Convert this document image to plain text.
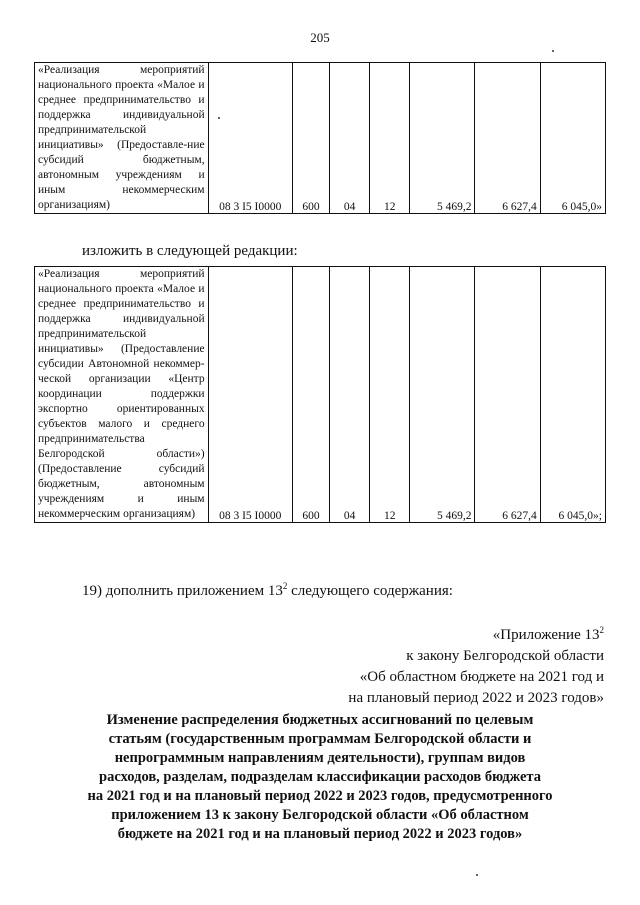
205
«Реализация мероприятий национального проекта «Малое и среднее предпринимательство и поддержка индивидуальной предпринимательской инициативы» (Предоставле-ние субсидий бюджетным, автономным учреждениям и иным некоммерческим организациям)	08 3 I5 I0000	600	04	12	5 469,2	6 627,4	6 045,0»
изложить в следующей редакции:
«Реализация мероприятий национального проекта «Малое и среднее предпринимательство и поддержка индивидуальной предпринимательской инициативы» (Предоставление субсидии Автономной некоммер-ческой организации «Центр координации поддержки экспортно ориентированных субъектов малого и среднего предпринимательства Белгородской области») (Предоставление субсидий бюджетным, автономным учреждениям и иным некоммерческим организациям)	08 3 I5 I0000	600	04	12	5 469,2	6 627,4	6 045,0»;
19) дополнить приложением $13^2$ следующего содержания:
«Приложение $13^2$
к закону Белгородской области
«Об областном бюджете на 2021 год и
на плановый период 2022 и 2023 годов»
Изменение распределения бюджетных ассигнований по целевым
статьям (государственным программам Белгородской области и
непрограммным направлениям деятельности), группам видов
расходов, разделам, подразделам классификации расходов бюджета
на 2021 год и на плановый период 2022 и 2023 годов, предусмотренного
приложением 13 к закону Белгородской области «Об областном
бюджете на 2021 год и на плановый период 2022 и 2023 годов»
